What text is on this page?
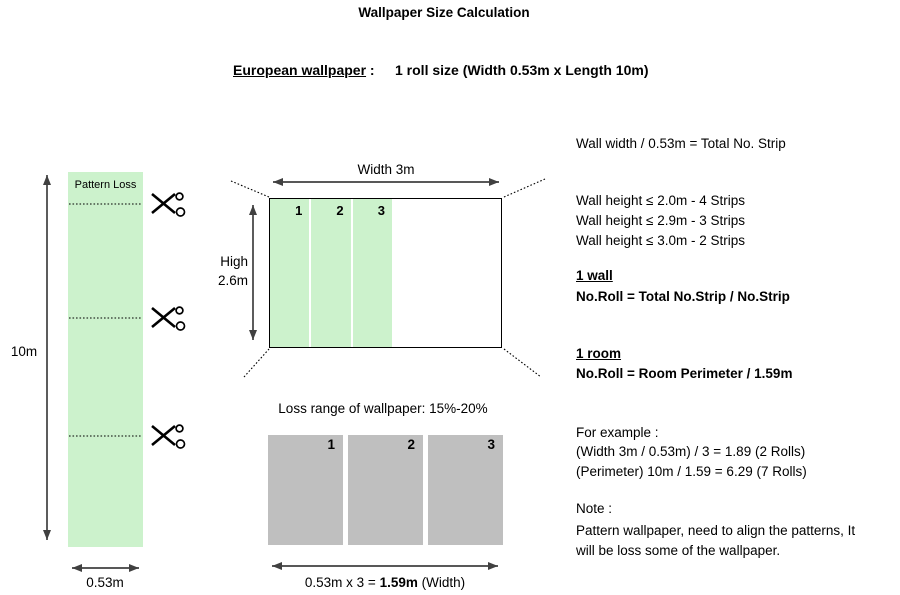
Wallpaper Size Calculation
European wallpaper : 1 roll size (Width 0.53m x Length 10m)
Pattern Loss
10m
0.53m
Width 3m
High
2.6m
1	2	3
Loss range of wallpaper: 15%-20%
1	2	3
0.53m x 3 = 1.59m (Width)
Wall width / 0.53m = Total No. Strip
Wall height ≤ 2.0m - 4 Strips
Wall height ≤ 2.9m - 3 Strips
Wall height ≤ 3.0m - 2 Strips
1 wall
No.Roll = Total No.Strip / No.Strip
1 room
No.Roll = Room Perimeter / 1.59m
For example :
(Width 3m / 0.53m) / 3 = 1.89 (2 Rolls)
(Perimeter) 10m / 1.59 = 6.29 (7 Rolls)
Note :
Pattern wallpaper, need to align the patterns, It
will be loss some of the wallpaper.
